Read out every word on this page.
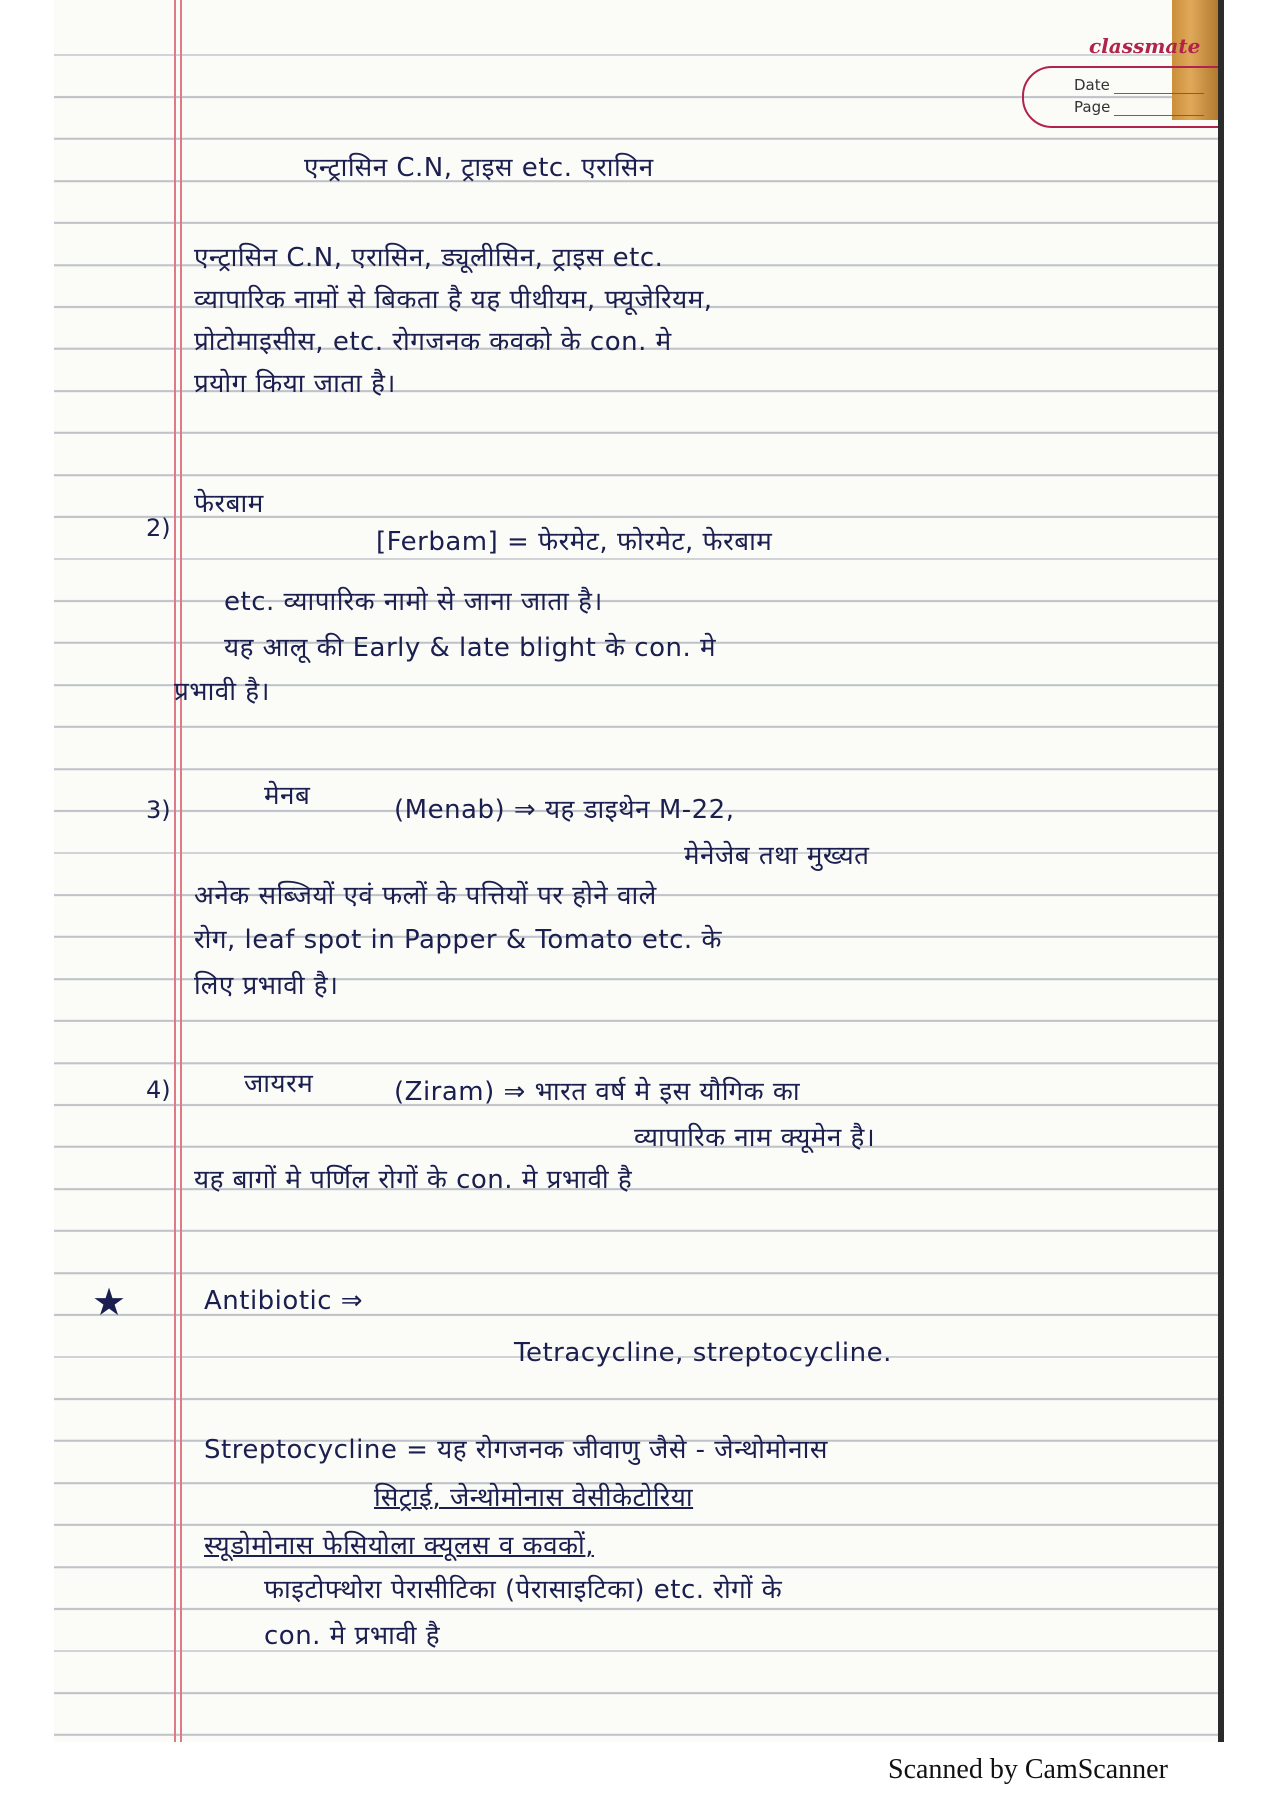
classmate
Date
Page
एन्ट्रासिन C.N, ट्राइस etc. एरासिन
एन्ट्रासिन C.N, एरासिन, ड्यूलीसिन, ट्राइस etc.
व्यापारिक नामों से बिकता है यह पीथीयम, फ्यूजेरियम,
प्रोटोमाइसीस, etc. रोगजनक कवको के con. मे
प्रयोग किया जाता है।
फेरबाम
2)	[Ferbam] = फेरमेट, फोरमेट, फेरबाम
etc. व्यापारिक नामो से जाना जाता है।
यह आलू की Early & late blight के con. मे
प्रभावी है।
मेनब
3)	(Menab) ⇒ यह डाइथेन M-22,
मेनेजेब तथा मुख्यत
अनेक सब्जियों एवं फलों के पत्तियों पर होने वाले
रोग, leaf spot in Papper & Tomato etc. के
लिए प्रभावी है।
जायरम
4)	(Ziram) ⇒ भारत वर्ष मे इस यौगिक का
व्यापारिक नाम क्यूमेन है।
यह बागों मे पर्णिल रोगों के con. मे प्रभावी है
★	Antibiotic ⇒
Tetracycline, streptocycline.
Streptocycline = यह रोगजनक जीवाणु जैसे - जेन्थोमोनास
सिट्राई, जेन्थोमोनास वेसीकेटोरिया
स्यूडोमोनास फेसियोला क्यूलस व कवकों,
फाइटोफ्थोरा पेरासीटिका (पेरासाइटिका) etc. रोगों के
con. मे प्रभावी है
Scanned by CamScanner
